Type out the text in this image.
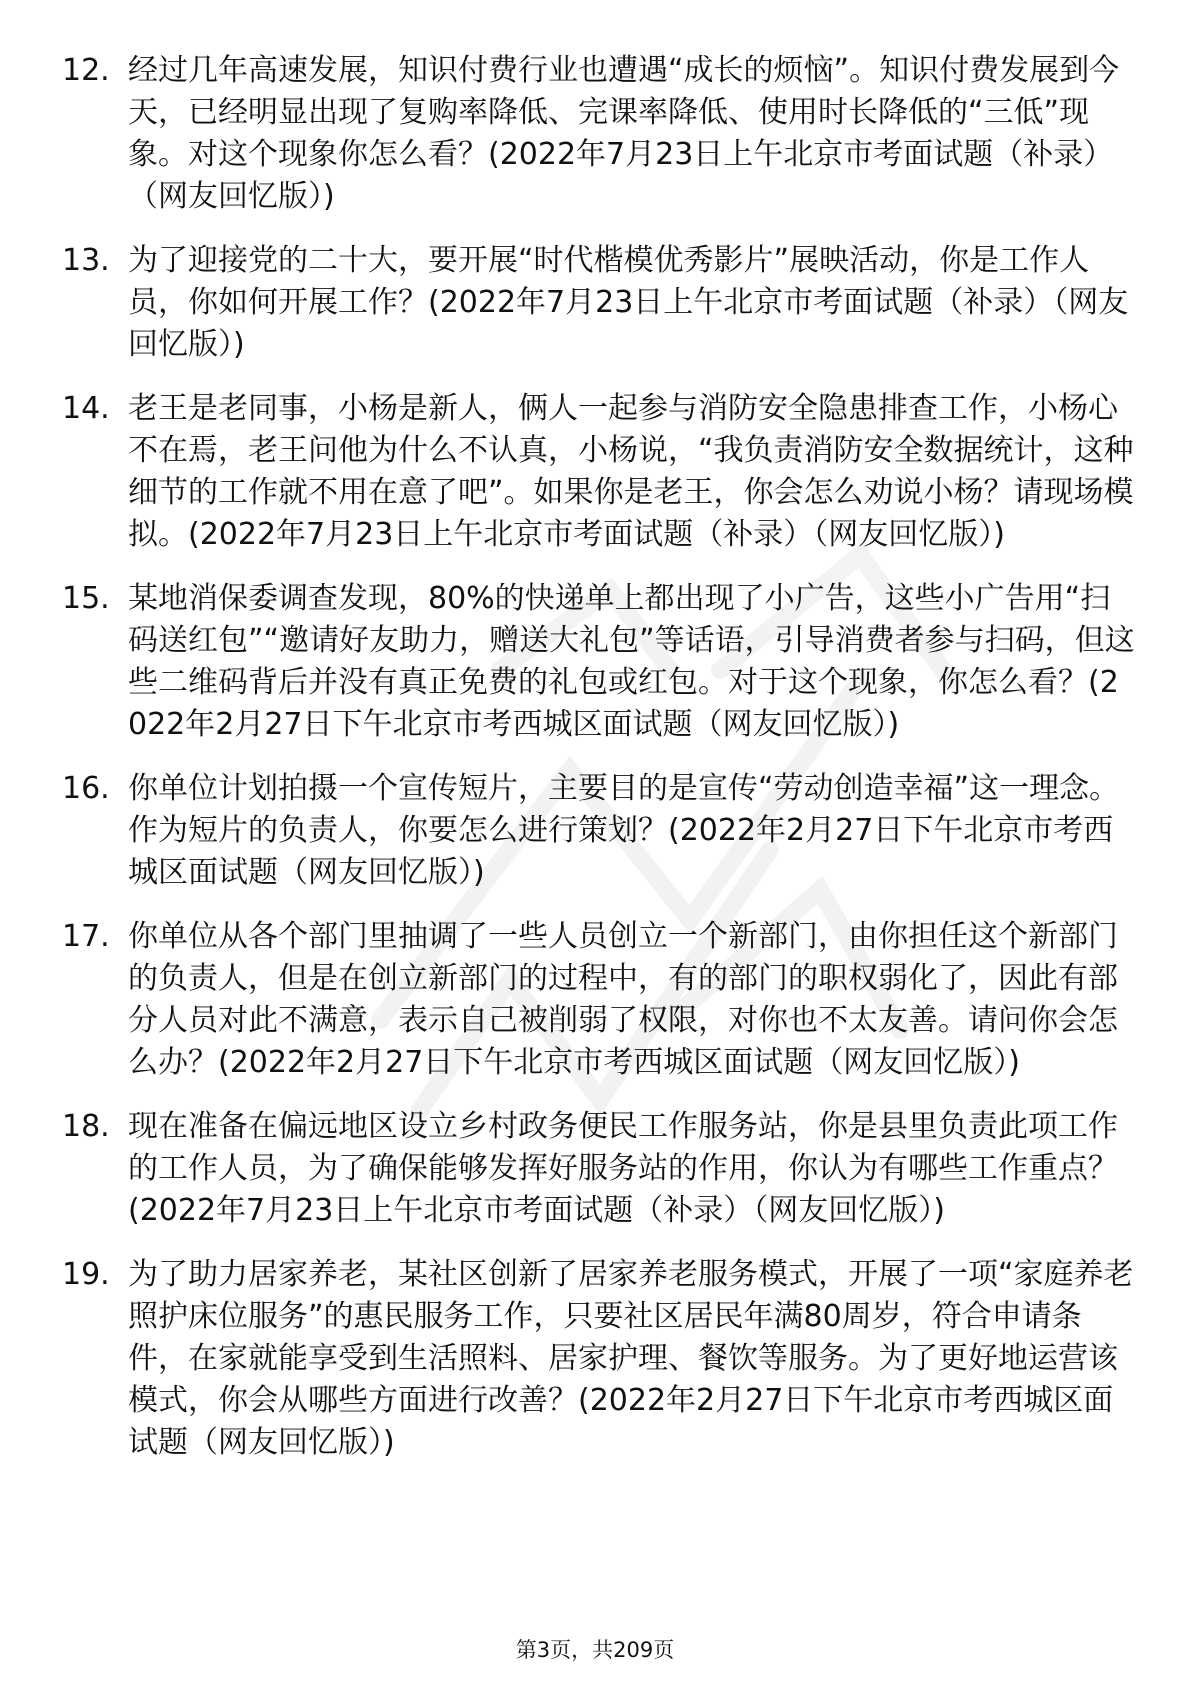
12. 经过几年高速发展，知识付费行业也遭遇“成长的烦恼”。知识付费发展到今天，已经明显出现了复购率降低、完课率降低、使用时长降低的“三低”现象。对这个现象你怎么看？(2022年7月23日上午北京市考面试题（补录）（网友回忆版）)
13. 为了迎接党的二十大，要开展“时代楷模优秀影片”展映活动，你是工作人员，你如何开展工作？(2022年7月23日上午北京市考面试题（补录）（网友回忆版）)
14. 老王是老同事，小杨是新人，俩人一起参与消防安全隐患排查工作，小杨心不在焉，老王问他为什么不认真，小杨说，“我负责消防安全数据统计，这种细节的工作就不用在意了吧”。如果你是老王，你会怎么劝说小杨？请现场模拟。(2022年7月23日上午北京市考面试题（补录）（网友回忆版）)
15. 某地消保委调查发现，80%的快递单上都出现了小广告，这些小广告用“扫码送红包”“邀请好友助力，赠送大礼包”等话语，引导消费者参与扫码，但这些二维码背后并没有真正免费的礼包或红包。对于这个现象，你怎么看？(2022年2月27日下午北京市考西城区面试题（网友回忆版）)
16. 你单位计划拍摄一个宣传短片，主要目的是宣传“劳动创造幸福”这一理念。作为短片的负责人，你要怎么进行策划？(2022年2月27日下午北京市考西城区面试题（网友回忆版）)
17. 你单位从各个部门里抽调了一些人员创立一个新部门，由你担任这个新部门的负责人，但是在创立新部门的过程中，有的部门的职权弱化了，因此有部分人员对此不满意，表示自己被削弱了权限，对你也不太友善。请问你会怎么办？(2022年2月27日下午北京市考西城区面试题（网友回忆版）)
18. 现在准备在偏远地区设立乡村政务便民工作服务站，你是县里负责此项工作的工作人员，为了确保能够发挥好服务站的作用，你认为有哪些工作重点？(2022年7月23日上午北京市考面试题（补录）（网友回忆版）)
19. 为了助力居家养老，某社区创新了居家养老服务模式，开展了一项“家庭养老照护床位服务”的惠民服务工作，只要社区居民年满80周岁，符合申请条件，在家就能享受到生活照料、居家护理、餐饮等服务。为了更好地运营该模式，你会从哪些方面进行改善？(2022年2月27日下午北京市考西城区面试题（网友回忆版）)
第3页，共209页
